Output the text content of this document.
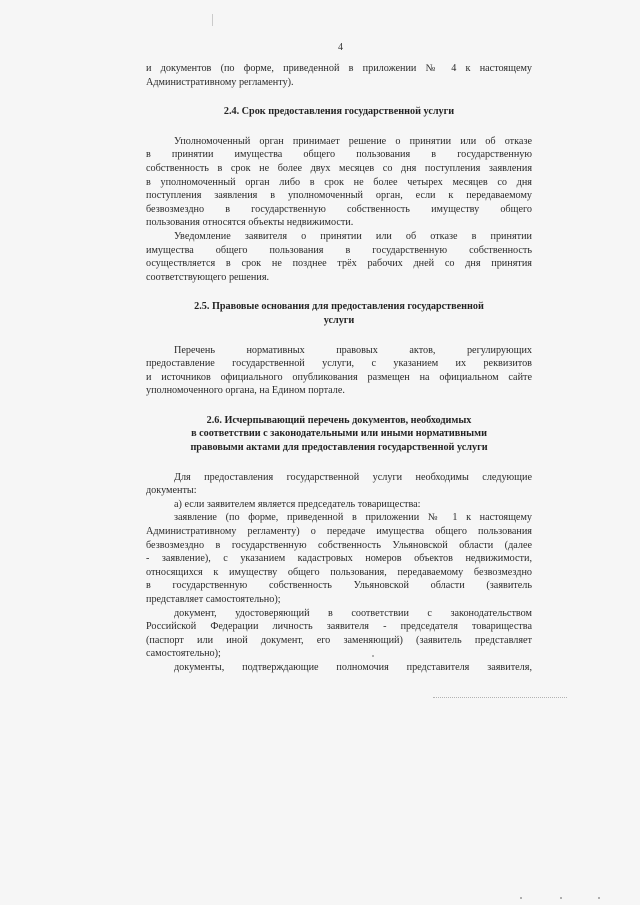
4
и документов (по форме, приведенной в приложении № 4 к настоящему
Административному регламенту).
2.4. Срок предоставления государственной услуги
Уполномоченный орган принимает решение о принятии или об отказе
в принятии имущества общего пользования в государственную
собственность в срок не более двух месяцев со дня поступления заявления
в уполномоченный орган либо в срок не более четырех месяцев со дня
поступления заявления в уполномоченный орган, если к передаваемому
безвозмездно в государственную собственность имуществу общего
пользования относятся объекты недвижимости.
Уведомление заявителя о принятии или об отказе в принятии
имущества общего пользования в государственную собственность
осуществляется в срок не позднее трёх рабочих дней со дня принятия
соответствующего решения.
2.5. Правовые основания для предоставления государственной
услуги
Перечень нормативных правовых актов, регулирующих
предоставление государственной услуги, с указанием их реквизитов
и источников официального опубликования размещен на официальном сайте
уполномоченного органа, на Едином портале.
2.6. Исчерпывающий перечень документов, необходимых
в соответствии с законодательными или иными нормативными
правовыми актами для предоставления государственной услуги
Для предоставления государственной услуги необходимы следующие
документы:
а) если заявителем является председатель товарищества:
заявление (по форме, приведенной в приложении № 1 к настоящему
Административному регламенту) о передаче имущества общего пользования
безвозмездно в государственную собственность Ульяновской области (далее
- заявление), с указанием кадастровых номеров объектов недвижимости,
относящихся к имуществу общего пользования, передаваемому безвозмездно
в государственную собственность Ульяновской области (заявитель
представляет самостоятельно);
документ, удостоверяющий в соответствии с законодательством
Российской Федерации личность заявителя - председателя товарищества
(паспорт или иной документ, его заменяющий) (заявитель представляет
самостоятельно);
документы, подтверждающие полномочия представителя заявителя,
